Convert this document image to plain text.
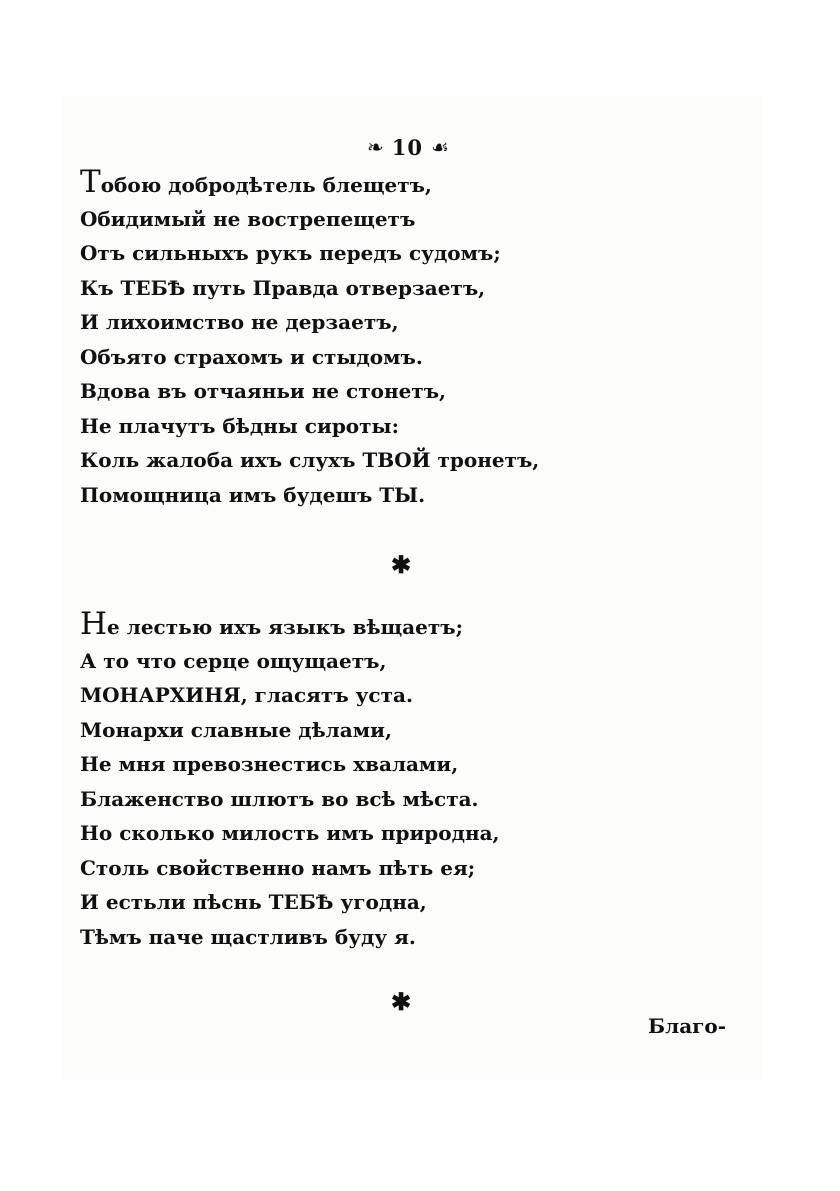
❧ 10 ☙
Тобою добродѣтель блещетъ,
Обидимый не вострепещетъ
Отъ сильныхъ рукъ передъ судомъ;
Къ ТЕБѢ путь Правда отверзаетъ,
И лихоимство не дерзаетъ,
Объято страхомъ и стыдомъ.
Вдова въ отчаяньи не стонетъ,
Не плачутъ бѣдны сироты:
Коль жалоба ихъ слухъ ТВОЙ тронетъ,
Помощница имъ будешъ ТЫ.
✱
Не лестью ихъ языкъ вѣщаетъ;
А то что серце ощущаетъ,
МОНАРХИНЯ, гласятъ уста.
Монархи славные дѣлами,
Не мня превознестись хвалами,
Блаженство шлютъ во всѣ мѣста.
Но сколько милость имъ природна,
Столь свойственно намъ пѣть ея;
И естьли пѣснь ТЕБѢ угодна,
Тѣмъ паче щастливъ буду я.
✱
Благо-
